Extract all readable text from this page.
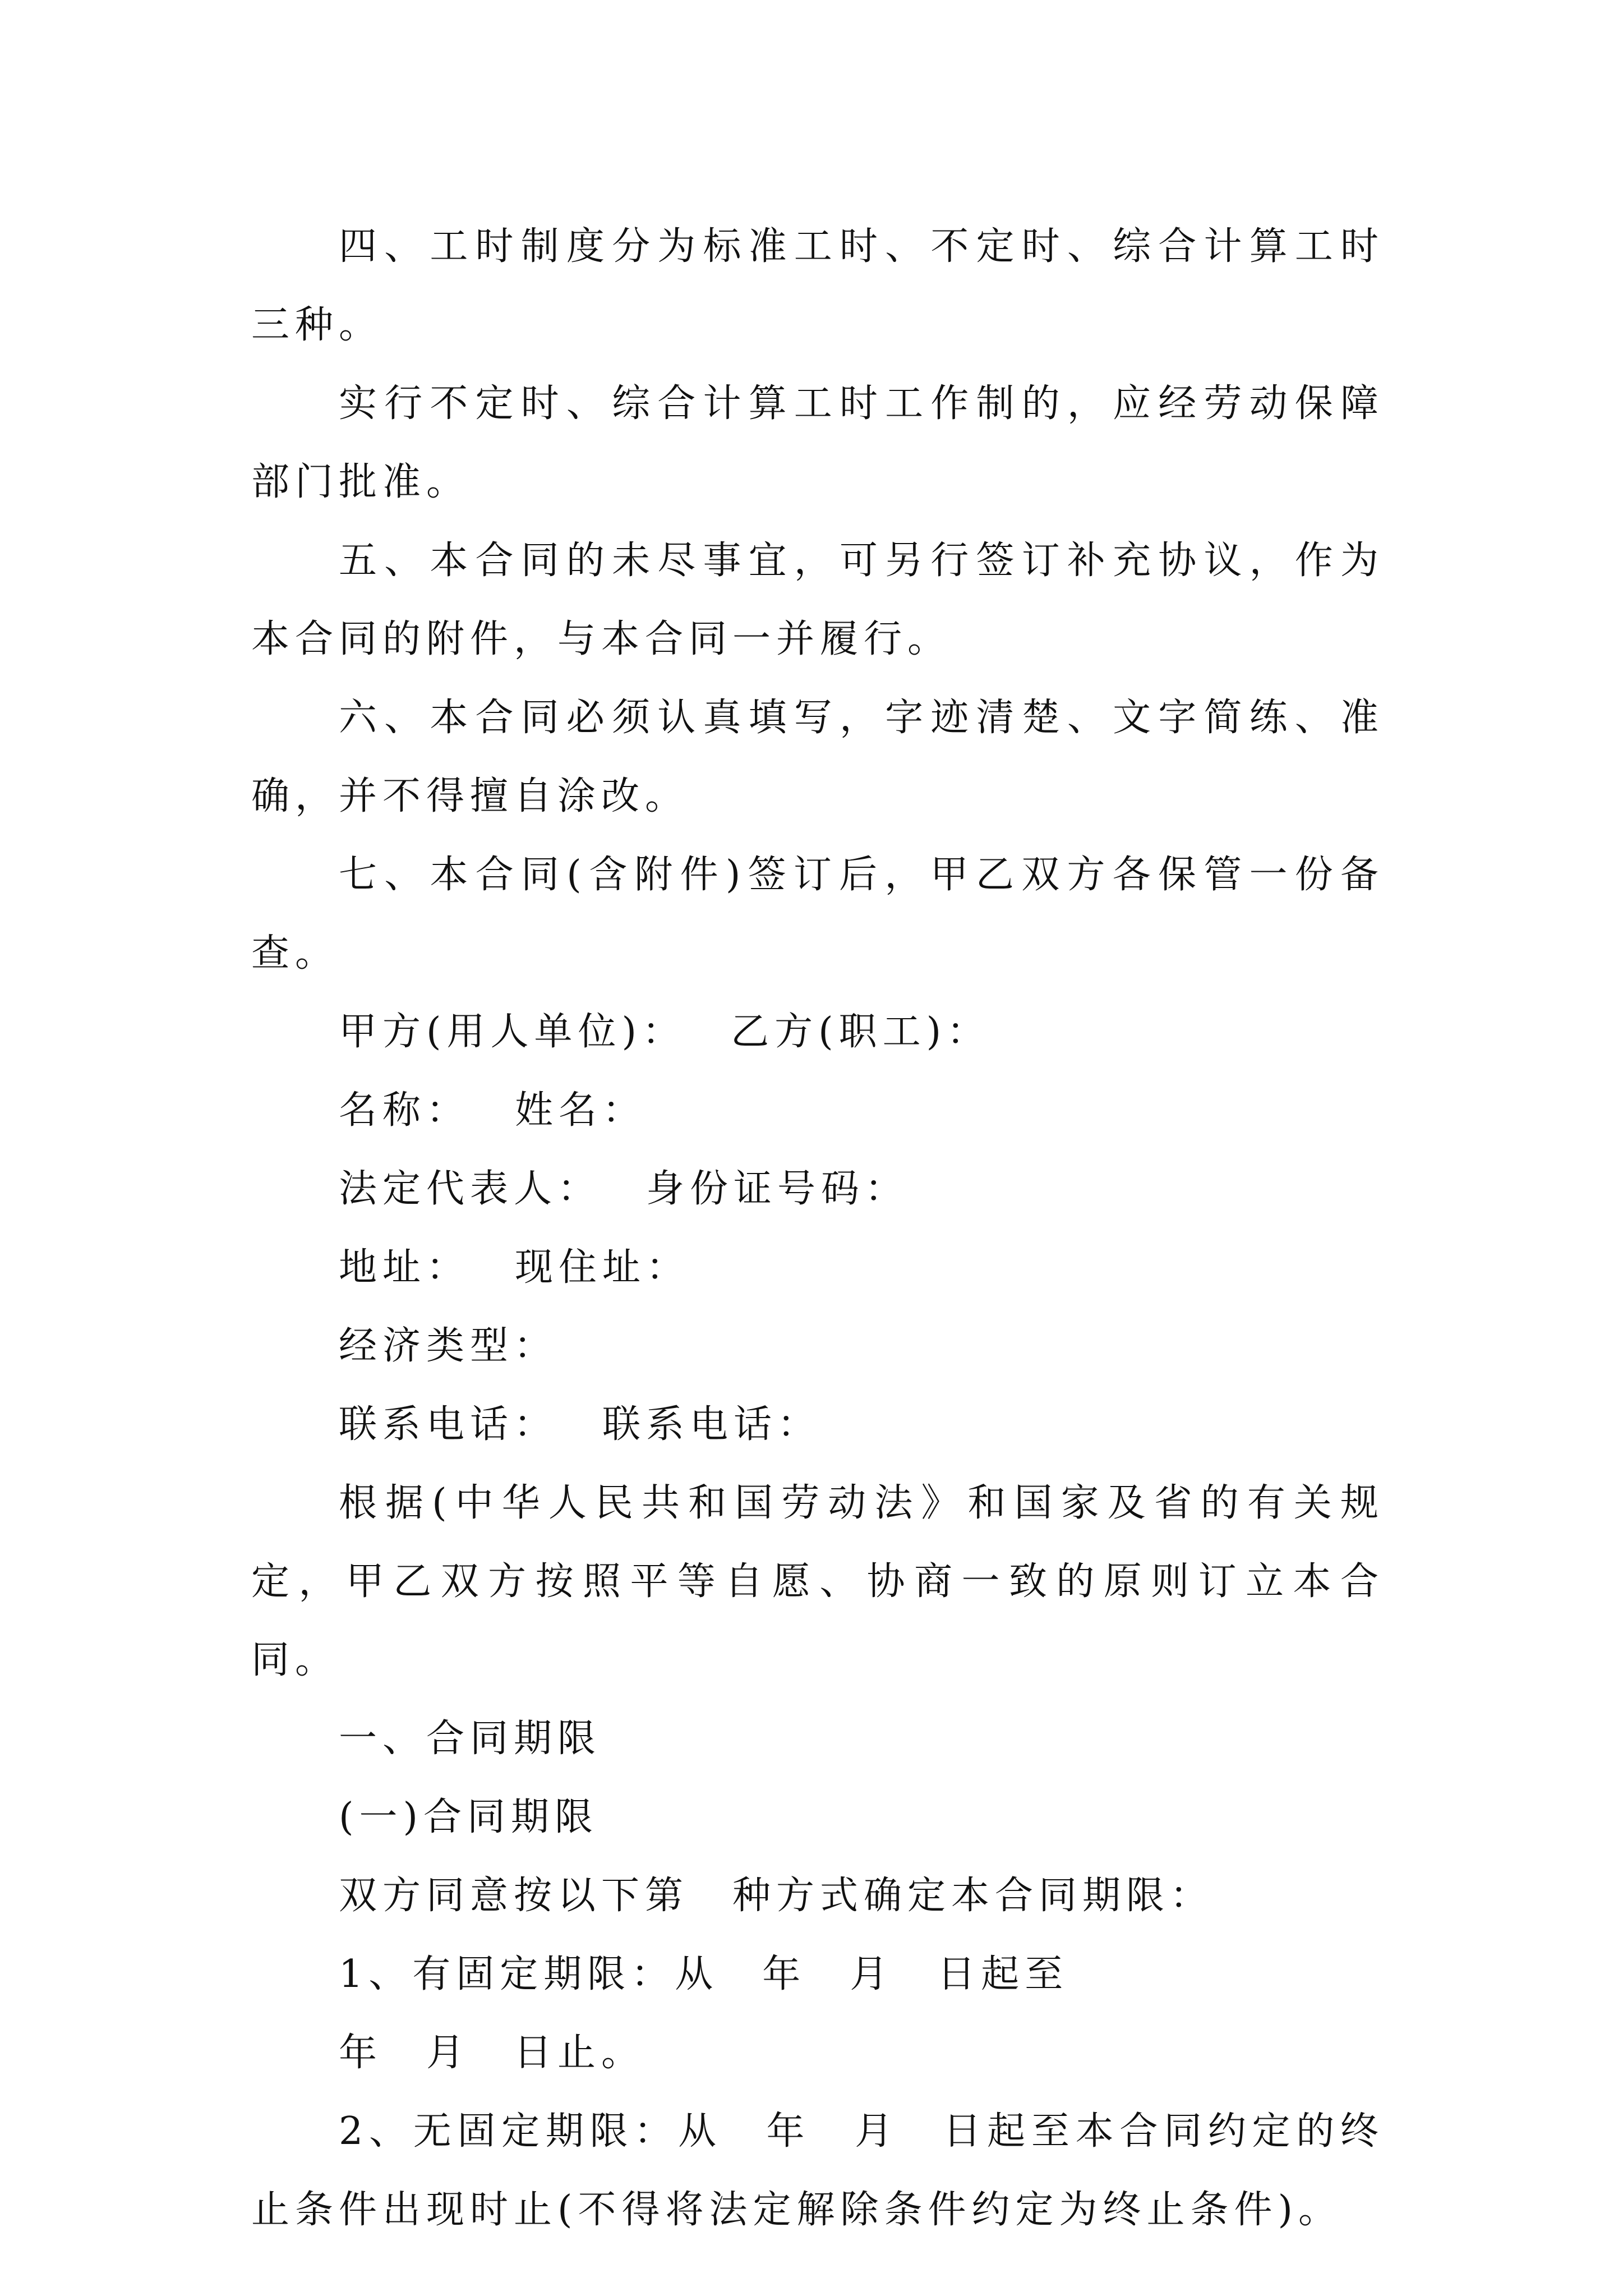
四、工时制度分为标准工时、不定时、综合计算工时三种。

实行不定时、综合计算工时工作制的，应经劳动保障部门批准。

五、本合同的未尽事宜，可另行签订补充协议，作为本合同的附件，与本合同一并履行。

六、本合同必须认真填写，字迹清楚、文字简练、准确，并不得擅自涂改。

七、本合同(含附件)签订后，甲乙双方各保管一份备查。

甲方(用人单位)： 乙方(职工)：

名称： 姓名：

法定代表人： 身份证号码：

地址： 现住址：

经济类型：

联系电话： 联系电话：

根据(中华人民共和国劳动法》和国家及省的有关规定，甲乙双方按照平等自愿、协商一致的原则订立本合同。

一、合同期限

(一)合同期限

双方同意按以下第　种方式确定本合同期限：

1、有固定期限：从　年　月　日起至

年　月　日止。

2、无固定期限：从　年　月　日起至本合同约定的终止条件出现时止(不得将法定解除条件约定为终止条件)。
